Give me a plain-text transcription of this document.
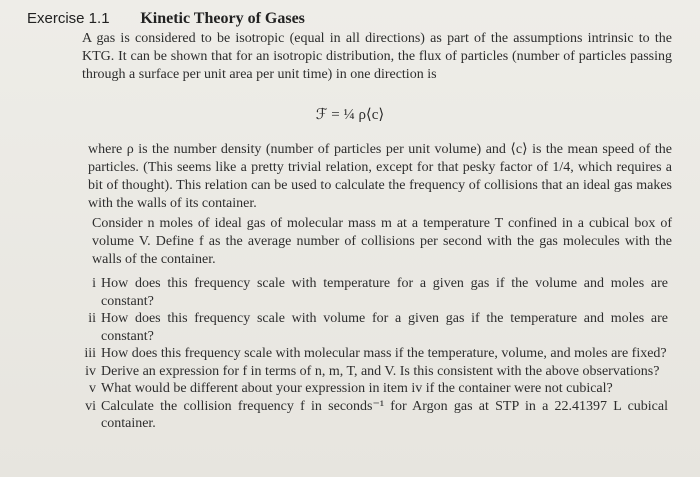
Exercise 1.1 Kinetic Theory of Gases
A gas is considered to be isotropic (equal in all directions) as part of the assumptions intrinsic to the KTG. It can be shown that for an isotropic distribution, the flux of particles (number of particles passing through a surface per unit area per unit time) in one direction is
ℱ = ¼ ρ⟨c⟩
where ρ is the number density (number of particles per unit volume) and ⟨c⟩ is the mean speed of the particles. (This seems like a pretty trivial relation, except for that pesky factor of 1/4, which requires a bit of thought). This relation can be used to calculate the frequency of collisions that an ideal gas makes with the walls of its container.
Consider n moles of ideal gas of molecular mass m at a temperature T confined in a cubical box of volume V. Define f as the average number of collisions per second with the gas molecules with the walls of the container.
i How does this frequency scale with temperature for a given gas if the volume and moles are constant?
ii How does this frequency scale with volume for a given gas if the temperature and moles are constant?
iii How does this frequency scale with molecular mass if the temperature, volume, and moles are fixed?
iv Derive an expression for f in terms of n, m, T, and V. Is this consistent with the above observations?
v What would be different about your expression in item iv if the container were not cubical?
vi Calculate the collision frequency f in seconds⁻¹ for Argon gas at STP in a 22.41397 L cubical container.
